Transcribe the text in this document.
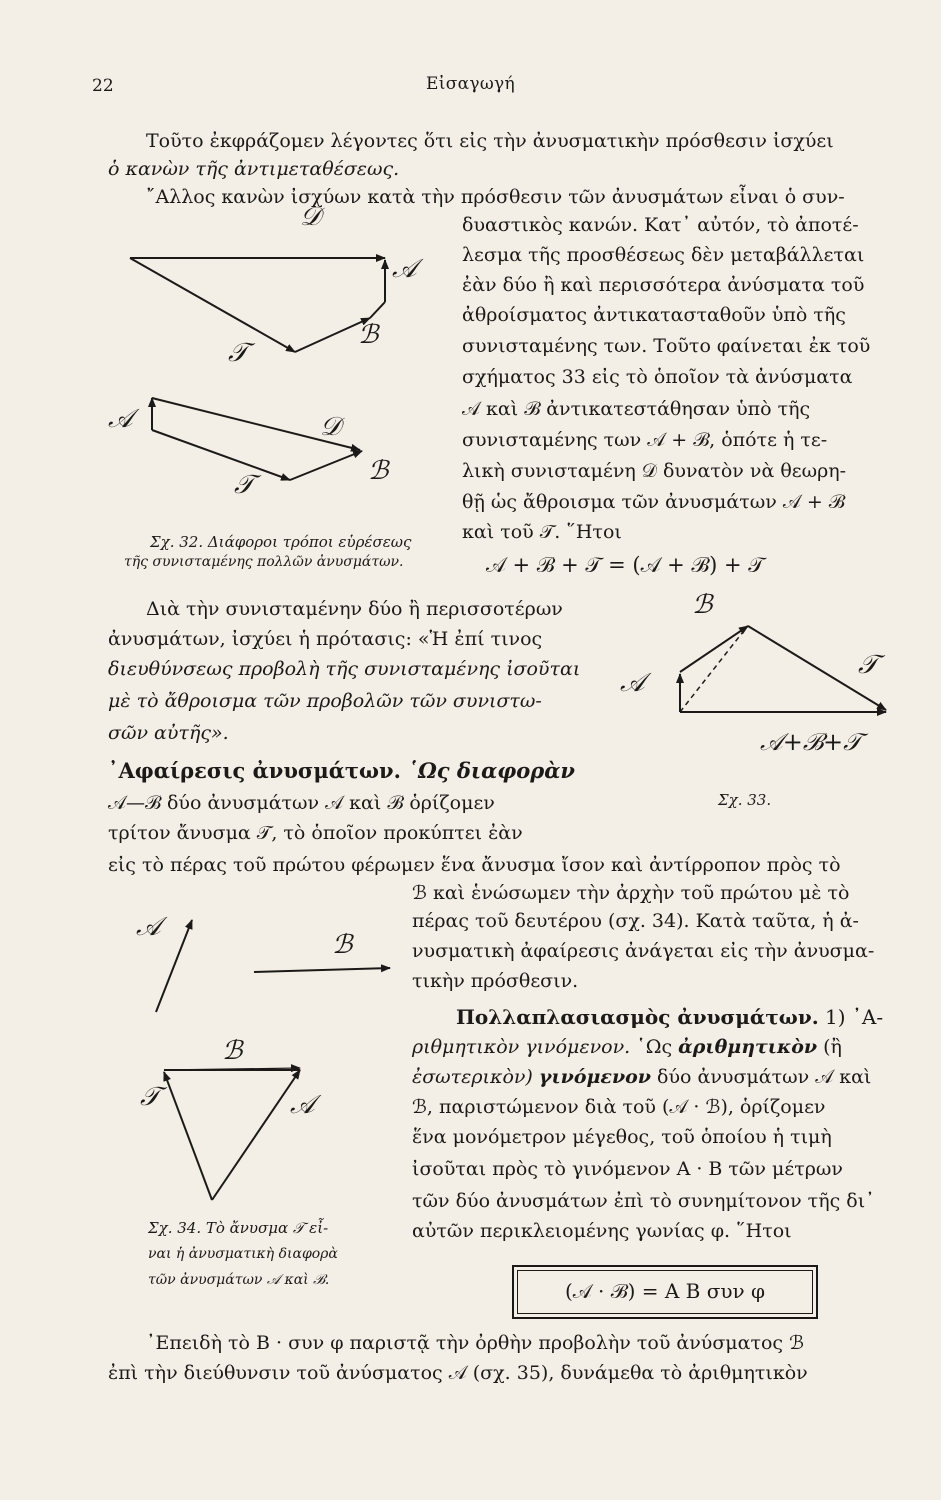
22	Εἰσαγωγή
Τοῦτο ἐκφράζομεν λέγοντες ὅτι εἰς τὴν ἀνυσματικὴν πρόσθεσιν ἰσχύει
ὁ κανὼν τῆς ἀντιμεταθέσεως.
῎Αλλος κανὼν ἰσχύων κατὰ τὴν πρόσθεσιν τῶν ἀνυσμάτων εἶναι ὁ συν-
δυαστικὸς κανών. Κατ᾽ αὐτόν, τὸ ἀποτέ-
λεσμα τῆς προσθέσεως δὲν μεταβάλλεται
ἐὰν δύο ἢ καὶ περισσότερα ἀνύσματα τοῦ
ἀθροίσματος ἀντικατασταθοῦν ὑπὸ τῆς
συνισταμένης των. Τοῦτο φαίνεται ἐκ τοῦ
σχήματος 33 εἰς τὸ ὁποῖον τὰ ἀνύσματα
𝒜 καὶ ℬ ἀντικατεστάθησαν ὑπὸ τῆς
συνισταμένης των 𝒜 + ℬ, ὁπότε ἡ τε-
λικὴ συνισταμένη 𝒟 δυνατὸν νὰ θεωρη-
θῇ ὡς ἄθροισμα τῶν ἀνυσμάτων 𝒜 + ℬ
καὶ τοῦ 𝒯. ῞Ητοι
𝒜 + ℬ + 𝒯 = (𝒜 + ℬ) + 𝒯
𝒟
𝒜
𝒯
ℬ
𝒜	𝒟
𝒯	ℬ
Σχ. 32. Διάφοροι τρόποι εὑρέσεως
τῆς συνισταμένης πολλῶν ἀνυσμάτων.
Διὰ τὴν συνισταμένην δύο ἢ περισσοτέρων
ἀνυσμάτων, ἰσχύει ἡ πρότασις: «Ἡ ἐπί τινος
διευθύνσεως προβολὴ τῆς συνισταμένης ἰσοῦται
μὲ τὸ ἄθροισμα τῶν προβολῶν τῶν συνιστω-
σῶν αὐτῆς».
᾽Αφαίρεσις ἀνυσμάτων. ῾Ως διαφορὰν
𝒜—ℬ δύο ἀνυσμάτων 𝒜 καὶ ℬ ὁρίζομεν
τρίτον ἄνυσμα 𝒯, τὸ ὁποῖον προκύπτει ἐὰν
εἰς τὸ πέρας τοῦ πρώτου φέρωμεν ἕνα ἄνυσμα ἴσον καὶ ἀντίρροπον πρὸς τὸ
ℬ
𝒜
𝒯
𝒜+ℬ+𝒯
Σχ. 33.
ℬ καὶ ἑνώσωμεν τὴν ἀρχὴν τοῦ πρώτου μὲ τὸ
πέρας τοῦ δευτέρου (σχ. 34). Κατὰ ταῦτα, ἡ ἀ-
νυσματικὴ ἀφαίρεσις ἀνάγεται εἰς τὴν ἀνυσμα-
τικὴν πρόσθεσιν.
Πολλαπλασιασμὸς ἀνυσμάτων. 1) ᾽Α-
ριθμητικὸν γινόμενον. ῾Ως ἀριθμητικὸν (ἢ
ἐσωτερικὸν) γινόμενον δύο ἀνυσμάτων 𝒜 καὶ
ℬ, παριστώμενον διὰ τοῦ (𝒜 · ℬ), ὁρίζομεν
ἕνα μονόμετρον μέγεθος, τοῦ ὁποίου ἡ τιμὴ
ἰσοῦται πρὸς τὸ γινόμενον Α · Β τῶν μέτρων
τῶν δύο ἀνυσμάτων ἐπὶ τὸ συνημίτονον τῆς δι᾽
αὐτῶν περικλειομένης γωνίας φ. ῞Ητοι
𝒜
ℬ
ℬ
𝒯	𝒜
Σχ. 34. Τὸ ἄνυσμα 𝒯 εἶ-
ναι ἡ ἀνυσματικὴ διαφορὰ
τῶν ἀνυσμάτων 𝒜 καὶ ℬ.	(𝒜 · ℬ) = Α Β συν φ
᾽Επειδὴ τὸ Β · συν φ παριστᾷ τὴν ὀρθὴν προβολὴν τοῦ ἀνύσματος ℬ
ἐπὶ τὴν διεύθυνσιν τοῦ ἀνύσματος 𝒜 (σχ. 35), δυνάμεθα τὸ ἀριθμητικὸν
